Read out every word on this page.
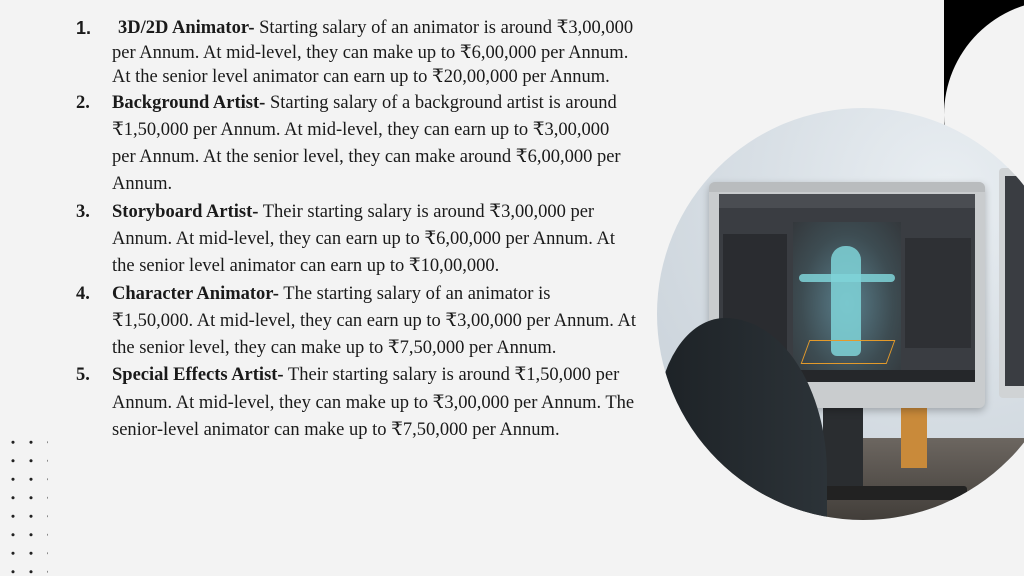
1. 3D/2D Animator- Starting salary of an animator is around ₹3,00,000 per Annum. At mid-level, they can make up to ₹6,00,000 per Annum. At the senior level animator can earn up to ₹20,00,000 per Annum.
2. Background Artist- Starting salary of a background artist is around ₹1,50,000 per Annum. At mid-level, they can earn up to ₹3,00,000 per Annum. At the senior level, they can make around ₹6,00,000 per Annum.
3. Storyboard Artist- Their starting salary is around ₹3,00,000 per Annum. At mid-level, they can earn up to ₹6,00,000 per Annum. At the senior level animator can earn up to ₹10,00,000.
4. Character Animator- The starting salary of an animator is ₹1,50,000. At mid-level, they can earn up to ₹3,00,000 per Annum. At the senior level, they can make up to ₹7,50,000 per Annum.
5. Special Effects Artist- Their starting salary is around ₹1,50,000 per Annum. At mid-level, they can make up to ₹3,00,000 per Annum. The senior-level animator can make up to ₹7,50,000 per Annum.
